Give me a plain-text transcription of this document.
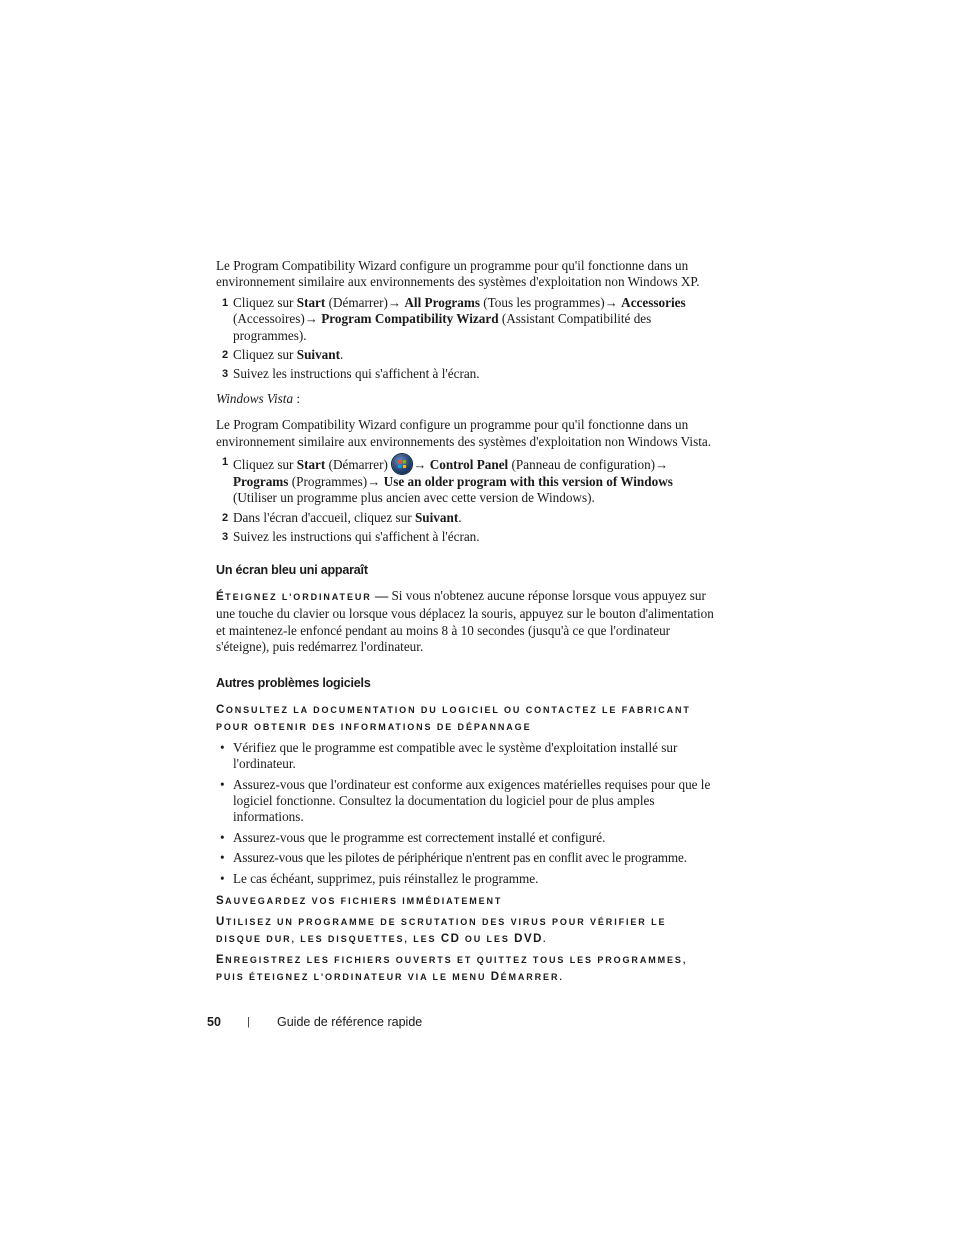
Le Program Compatibility Wizard configure un programme pour qu'il fonctionne dans un environnement similaire aux environnements des systèmes d'exploitation non Windows XP.

1 Cliquez sur Start (Démarrer)→ All Programs (Tous les programmes)→ Accessories (Accessoires)→ Program Compatibility Wizard (Assistant Compatibilité des programmes).
2 Cliquez sur Suivant.
3 Suivez les instructions qui s'affichent à l'écran.

Windows Vista :

Le Program Compatibility Wizard configure un programme pour qu'il fonctionne dans un environnement similaire aux environnements des systèmes d'exploitation non Windows Vista.

1 Cliquez sur Start (Démarrer) → Control Panel (Panneau de configuration)→ Programs (Programmes)→ Use an older program with this version of Windows (Utiliser un programme plus ancien avec cette version de Windows).
2 Dans l'écran d'accueil, cliquez sur Suivant.
3 Suivez les instructions qui s'affichent à l'écran.
Un écran bleu uni apparaît

ÉTEIGNEZ L'ORDINATEUR — Si vous n'obtenez aucune réponse lorsque vous appuyez sur une touche du clavier ou lorsque vous déplacez la souris, appuyez sur le bouton d'alimentation et maintenez-le enfoncé pendant au moins 8 à 10 secondes (jusqu'à ce que l'ordinateur s'éteigne), puis redémarrez l'ordinateur.

Autres problèmes logiciels

CONSULTEZ LA DOCUMENTATION DU LOGICIEL OU CONTACTEZ LE FABRICANT POUR OBTENIR DES INFORMATIONS DE DÉPANNAGE

• Vérifiez que le programme est compatible avec le système d'exploitation installé sur l'ordinateur.
• Assurez-vous que l'ordinateur est conforme aux exigences matérielles requises pour que le logiciel fonctionne. Consultez la documentation du logiciel pour de plus amples informations.
• Assurez-vous que le programme est correctement installé et configuré.
• Assurez-vous que les pilotes de périphérique n'entrent pas en conflit avec le programme.
• Le cas échéant, supprimez, puis réinstallez le programme.

SAUVEGARDEZ VOS FICHIERS IMMÉDIATEMENT

UTILISEZ UN PROGRAMME DE SCRUTATION DES VIRUS POUR VÉRIFIER LE DISQUE DUR, LES DISQUETTES, LES CD OU LES DVD.

ENREGISTREZ LES FICHIERS OUVERTS ET QUITTEZ TOUS LES PROGRAMMES, PUIS ÉTEIGNEZ L'ORDINATEUR VIA LE MENU DÉMARRER.

50	|	Guide de référence rapide
